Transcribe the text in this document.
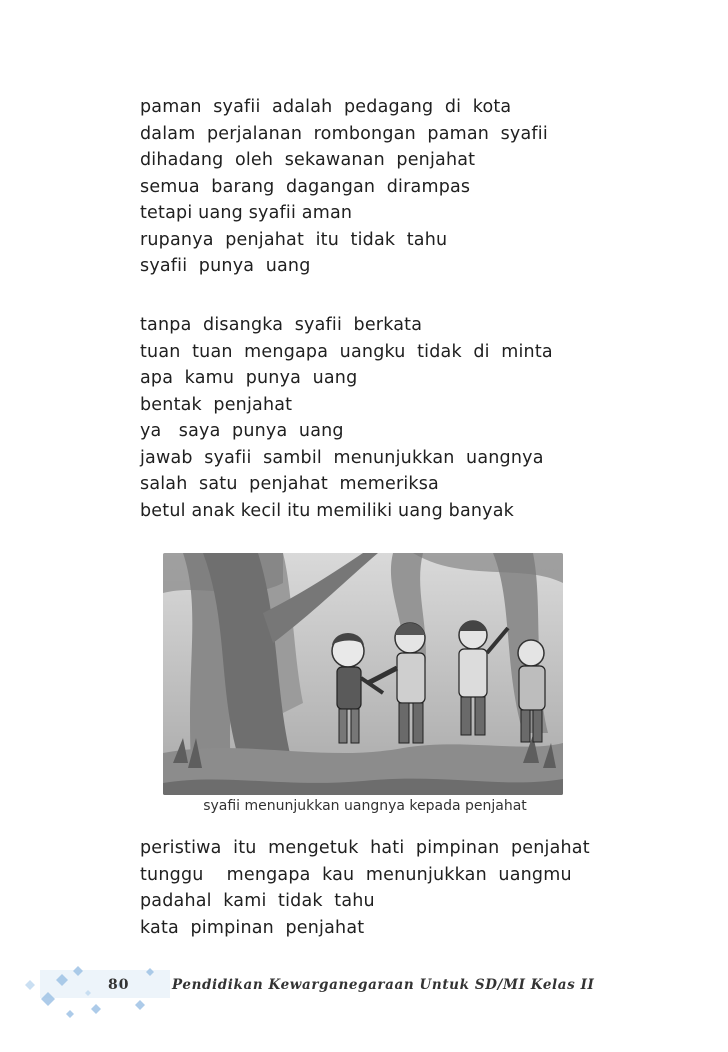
paman  syafii  adalah  pedagang  di  kota
dalam  perjalanan  rombongan  paman  syafii
dihadang  oleh  sekawanan  penjahat
semua  barang  dagangan  dirampas
tetapi uang syafii aman
rupanya  penjahat  itu  tidak  tahu
syafii  punya  uang
tanpa  disangka  syafii  berkata
tuan  tuan  mengapa  uangku  tidak  di  minta
apa  kamu  punya  uang
bentak  penjahat
ya   saya  punya  uang
jawab  syafii  sambil  menunjukkan  uangnya
salah  satu  penjahat  memeriksa
betul anak kecil itu memiliki uang banyak
syafii menunjukkan uangnya kepada penjahat
peristiwa  itu  mengetuk  hati  pimpinan  penjahat
tunggu    mengapa  kau  menunjukkan  uangmu
padahal  kami  tidak  tahu
kata  pimpinan  penjahat
80	Pendidikan Kewarganegaraan Untuk SD/MI Kelas II
